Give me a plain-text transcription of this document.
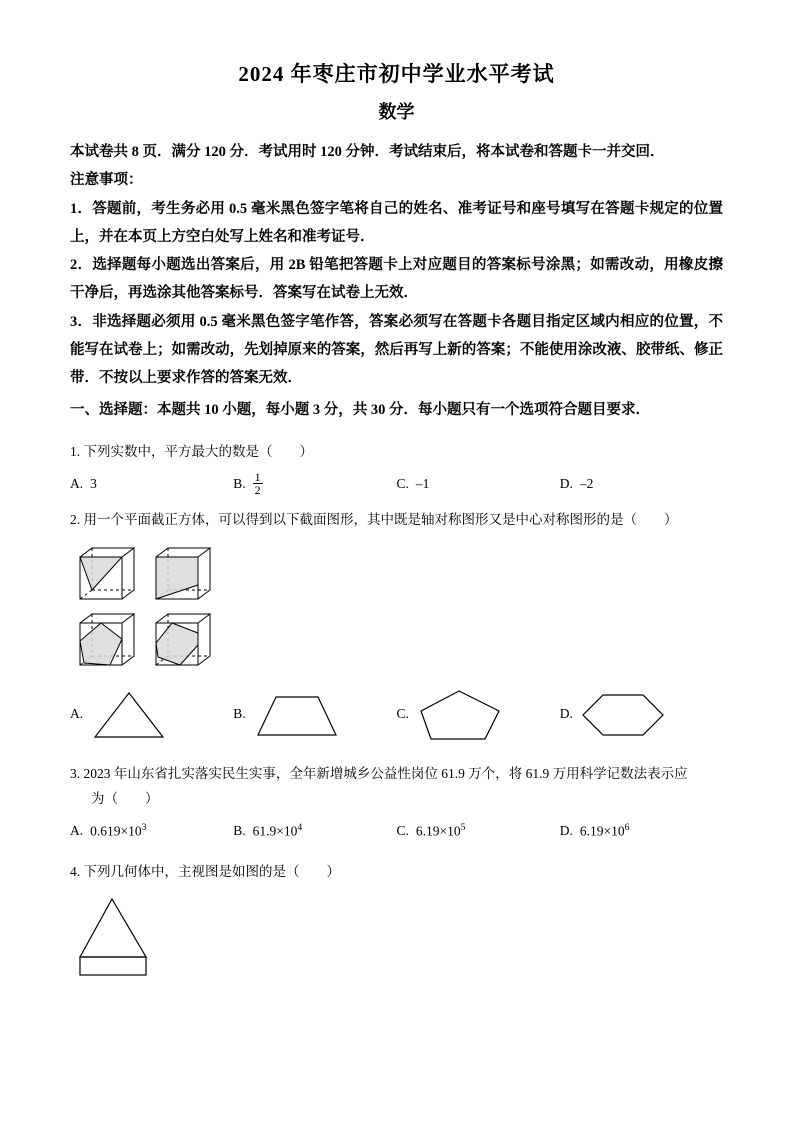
2024 年枣庄市初中学业水平考试
数学

本试卷共 8 页．满分 120 分．考试用时 120 分钟．考试结束后，将本试卷和答题卡一并交回．

注意事项：

1．答题前，考生务必用 0.5 毫米黑色签字笔将自己的姓名、准考证号和座号填写在答题卡规定的位置上，并在本页上方空白处写上姓名和准考证号．

2．选择题每小题选出答案后，用 2B 铅笔把答题卡上对应题目的答案标号涂黑；如需改动，用橡皮擦干净后，再选涂其他答案标号．答案写在试卷上无效．

3．非选择题必须用 0.5 毫米黑色签字笔作答，答案必须写在答题卡各题目指定区域内相应的位置，不能写在试卷上；如需改动，先划掉原来的答案，然后再写上新的答案；不能使用涂改液、胶带纸、修正带．不按以上要求作答的答案无效．

一、选择题：本题共 10 小题，每小题 3 分，共 30 分．每小题只有一个选项符合题目要求．

1. 下列实数中，平方最大的数是（　　）
A. 3	B. $\frac{1}{2}$	C. –1	D. –2
2. 用一个平面截正方体，可以得到以下截面图形，其中既是轴对称图形又是中心对称图形的是（　　）
A.	B.	C.	D.
3. 2023 年山东省扎实落实民生实事，全年新增城乡公益性岗位 61.9 万个，将 61.9 万用科学记数法表示应
为（　　）
A. $0.619\times 10^3$	B. $61.9\times 10^4$	C. $6.19\times 10^5$	D. $6.19\times 10^6$
4. 下列几何体中，主视图是如图的是（　　）
